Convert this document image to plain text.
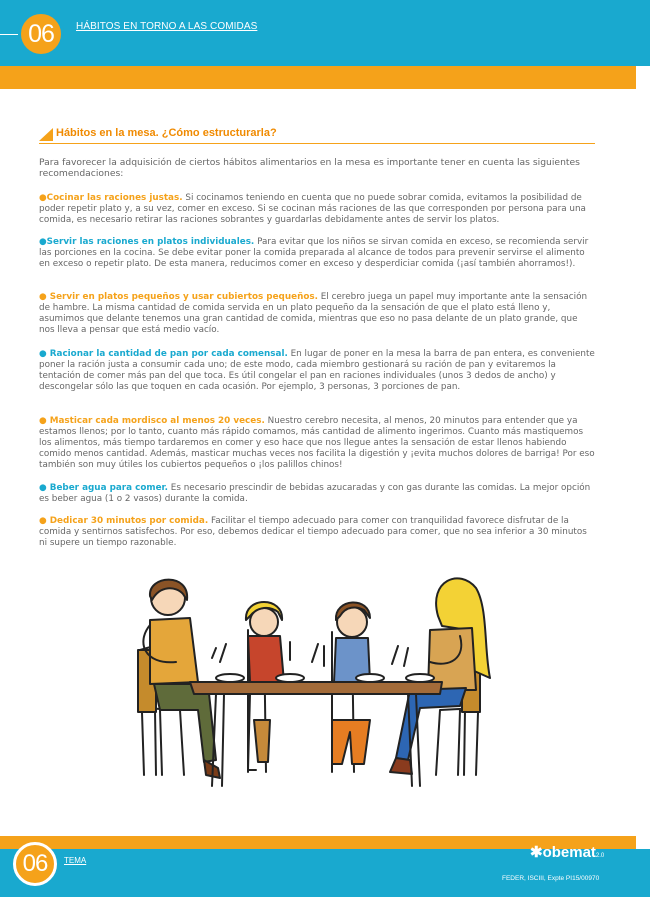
06	HÁBITOS EN TORNO A LAS COMIDAS
Hábitos en la mesa. ¿Cómo estructurarla?
Para favorecer la adquisición de ciertos hábitos alimentarios en la mesa es importante tener en cuenta las siguientes recomendaciones:
●Cocinar las raciones justas. Si cocinamos teniendo en cuenta que no puede sobrar comida, evitamos la posibilidad de poder repetir plato y, a su vez, comer en exceso. Si se cocinan más raciones de las que corresponden por persona para una comida, es necesario retirar las raciones sobrantes y guardarlas debidamente antes de servir los platos.
●Servir las raciones en platos individuales. Para evitar que los niños se sirvan comida en exceso, se recomienda servir las porciones en la cocina. Se debe evitar poner la comida preparada al alcance de todos para prevenir servirse el alimento en exceso o repetir plato. De esta manera, reducimos comer en exceso y desperdiciar comida (¡así también ahorramos!).
● Servir en platos pequeños y usar cubiertos pequeños. El cerebro juega un papel muy importante ante la sensación de hambre. La misma cantidad de comida servida en un plato pequeño da la sensación de que el plato está lleno y, asumimos que delante tenemos una gran cantidad de comida, mientras que eso no pasa delante de un plato grande, que nos lleva a pensar que está medio vacío.
● Racionar la cantidad de pan por cada comensal. En lugar de poner en la mesa la barra de pan entera, es conveniente poner la ración justa a consumir cada uno; de este modo, cada miembro gestionará su ración de pan y evitaremos la tentación de comer más pan del que toca. Es útil congelar el pan en raciones individuales (unos 3 dedos de ancho) y descongelar sólo las que toquen en cada ocasión. Por ejemplo, 3 personas, 3 porciones de pan.
● Masticar cada mordisco al menos 20 veces. Nuestro cerebro necesita, al menos, 20 minutos para entender que ya estamos llenos; por lo tanto, cuanto más rápido comamos, más cantidad de alimento ingerimos. Cuanto más mastiquemos los alimentos, más tiempo tardaremos en comer y eso hace que nos llegue antes la sensación de estar llenos habiendo comido menos cantidad. Además, masticar muchas veces nos facilita la digestión y ¡evita muchos dolores de barriga! Por eso también son muy útiles los cubiertos pequeños o ¡los palillos chinos!
● Beber agua para comer. Es necesario prescindir de bebidas azucaradas y con gas durante las comidas. La mejor opción es beber agua (1 o 2 vasos) durante la comida.
● Dedicar 30 minutos por comida. Facilitar el tiempo adecuado para comer con tranquilidad favorece disfrutar de la comida y sentirnos satisfechos. Por eso, debemos dedicar el tiempo adecuado para comer, que no sea inferior a 30 minutos ni supere un tiempo razonable.
06	TEMA	✱obemat2.0
FEDER, ISCIII, Expte PI15/00970
